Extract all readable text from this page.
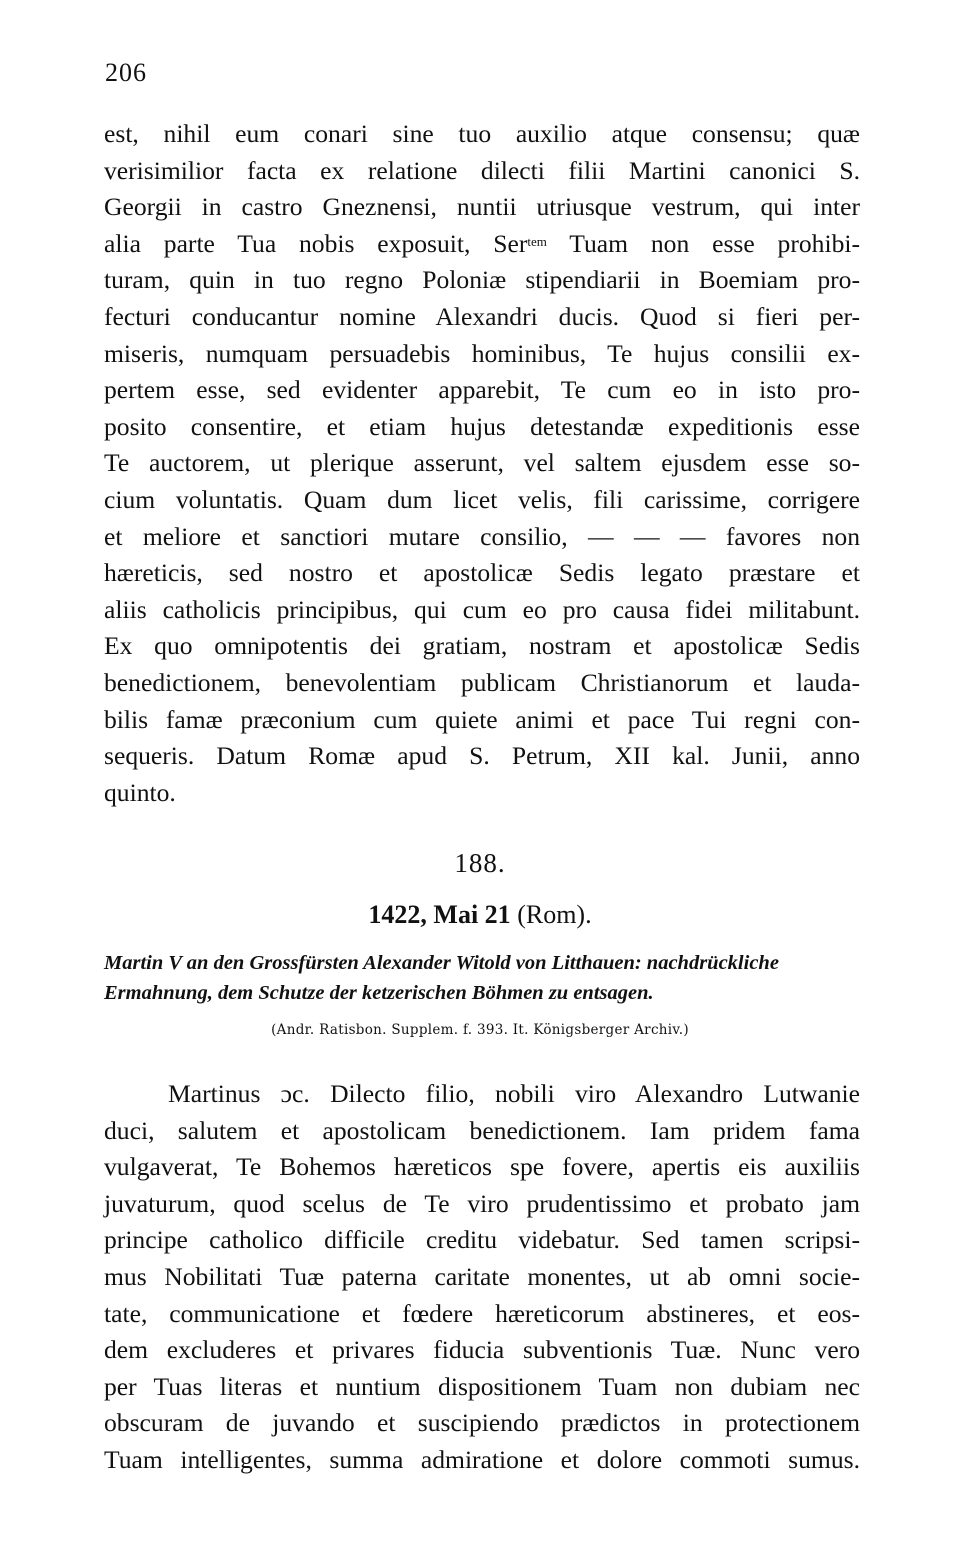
206
est, nihil eum conari sine tuo auxilio atque consensu; quæ
verisimilior facta ex relatione dilecti filii Martini canonici S.
Georgii in castro Gneznensi, nuntii utriusque vestrum, qui inter
alia parte Tua nobis exposuit, Ser$^{tem}$ Tuam non esse prohibi-
turam, quin in tuo regno Poloniæ stipendiarii in Boemiam pro-
fecturi conducantur nomine Alexandri ducis. Quod si fieri per-
miseris, numquam persuadebis hominibus, Te hujus consilii ex-
pertem esse, sed evidenter apparebit, Te cum eo in isto pro-
posito consentire, et etiam hujus detestandæ expeditionis esse
Te auctorem, ut plerique asserunt, vel saltem ejusdem esse so-
cium voluntatis. Quam dum licet velis, fili carissime, corrigere
et meliore et sanctiori mutare consilio, — — — favores non
hæreticis, sed nostro et apostolicæ Sedis legato præstare et
aliis catholicis principibus, qui cum eo pro causa fidei militabunt.
Ex quo omnipotentis dei gratiam, nostram et apostolicæ Sedis
benedictionem, benevolentiam publicam Christianorum et lauda-
bilis famæ præconium cum quiete animi et pace Tui regni con-
sequeris. Datum Romæ apud S. Petrum, XII kal. Junii, anno
quinto.
188.
1422, Mai 21 (Rom).
Martin V an den Grossfürsten Alexander Witold von Litthauen: nachdrückliche Ermahnung, dem Schutze der ketzerischen Böhmen zu entsagen.
(Andr. Ratisbon. Supplem. f. 393. It. Königsberger Archiv.)
Martinus ɔc. Dilecto filio, nobili viro Alexandro Lutwanie
duci, salutem et apostolicam benedictionem. Iam pridem fama
vulgaverat, Te Bohemos hæreticos spe fovere, apertis eis auxiliis
juvaturum, quod scelus de Te viro prudentissimo et probato jam
principe catholico difficile creditu videbatur. Sed tamen scripsi-
mus Nobilitati Tuæ paterna caritate monentes, ut ab omni socie-
tate, communicatione et fœdere hæreticorum abstineres, et eos-
dem excluderes et privares fiducia subventionis Tuæ. Nunc vero
per Tuas literas et nuntium dispositionem Tuam non dubiam nec
obscuram de juvando et suscipiendo prædictos in protectionem
Tuam intelligentes, summa admiratione et dolore commoti sumus.
